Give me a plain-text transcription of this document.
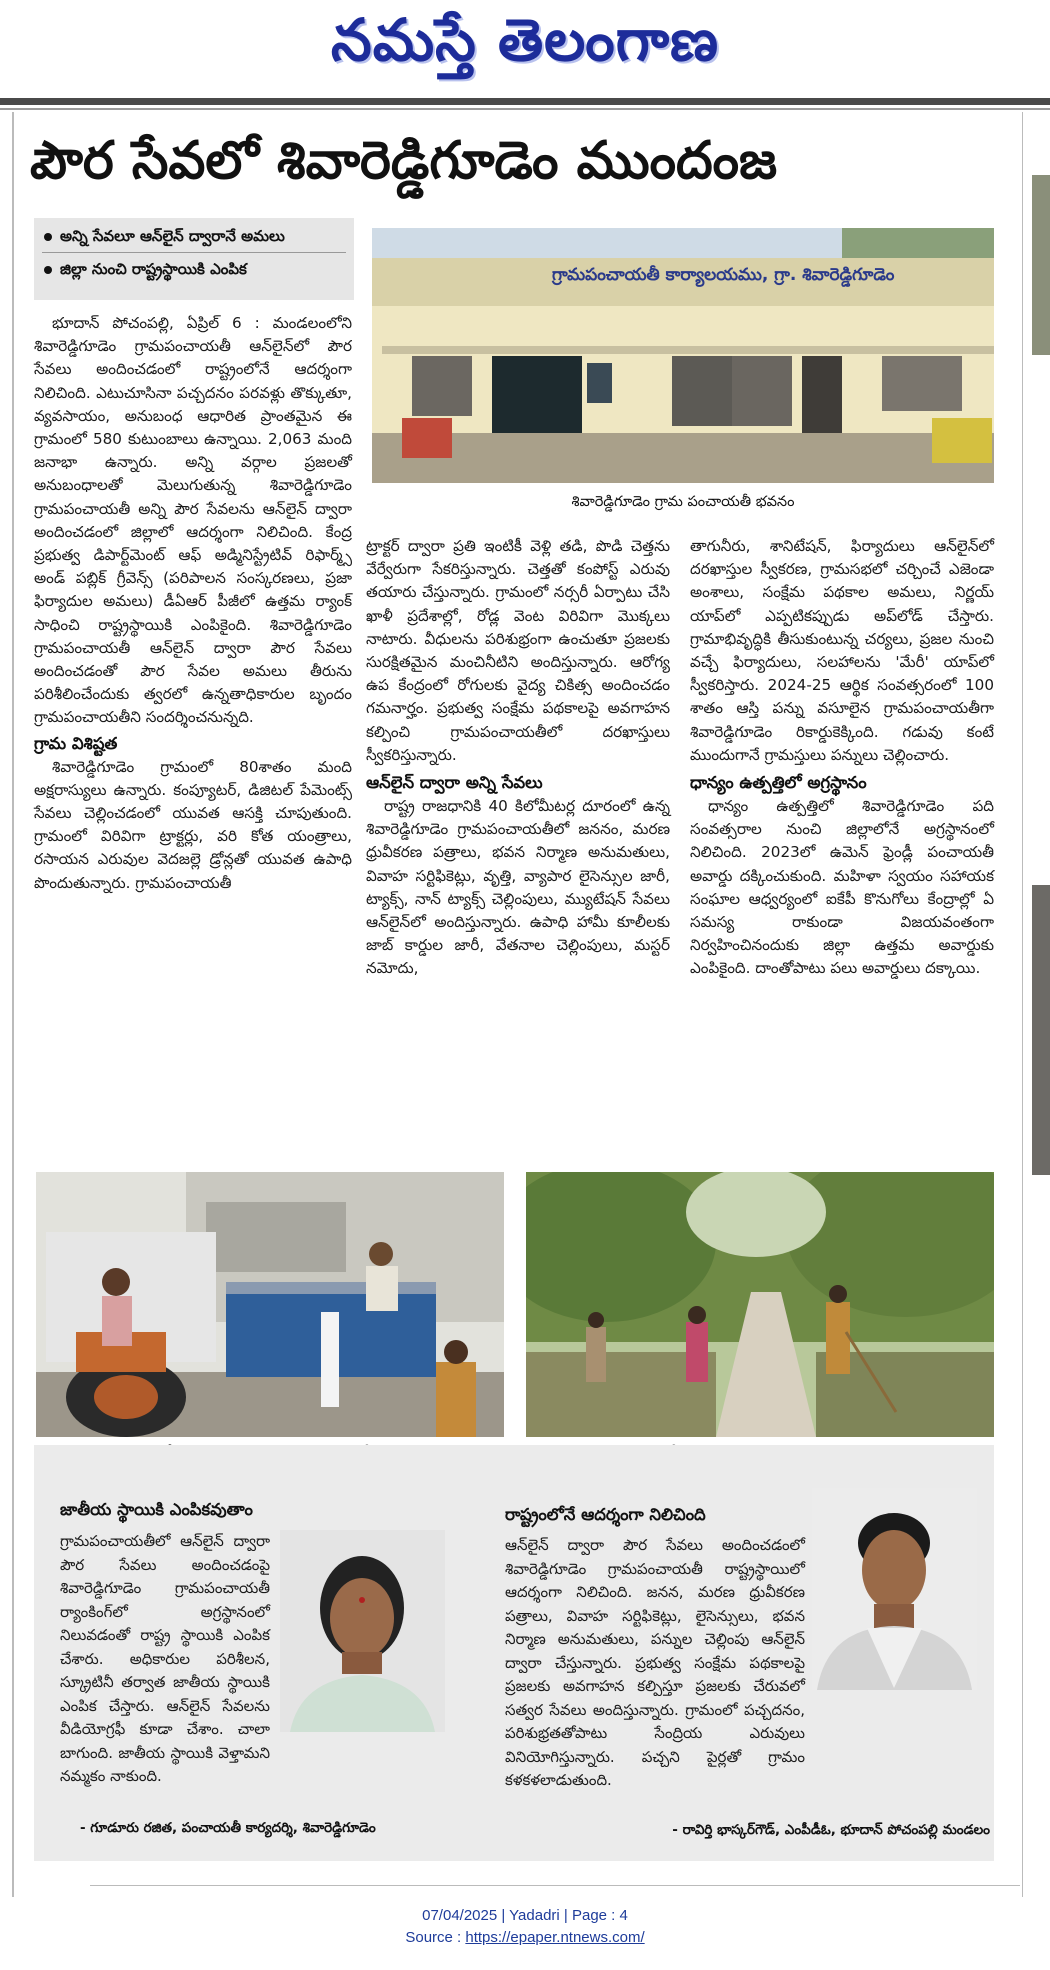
నమస్తే తెలంగాణ
పౌర సేవలో శివారెడ్డిగూడెం ముందంజ
అన్ని సేవలూ ఆన్‌లైన్ ద్వారానే అమలు
జిల్లా నుంచి రాష్ట్రస్థాయికి ఎంపిక	గ్రామపంచాయతీ కార్యాలయము, గ్రా. శివారెడ్డిగూడెం
శివారెడ్డిగూడెం గ్రామ పంచాయతీ భవనం
భూదాన్ పోచంపల్లి, ఏప్రిల్ 6 : మండలంలోని శివారెడ్డిగూడెం గ్రామపంచాయతీ ఆన్‌లైన్‌లో పౌర సేవలు అందించడంలో రాష్ట్రంలోనే ఆదర్శంగా నిలిచింది. ఎటుచూసినా పచ్చదనం పరవళ్లు తొక్కుతూ, వ్యవసాయం, అనుబంధ ఆధారిత ప్రాంతమైన ఈ గ్రామంలో 580 కుటుంబాలు ఉన్నాయి. 2,063 మంది జనాభా ఉన్నారు. అన్ని వర్గాల ప్రజలతో అనుబంధాలతో మెలుగుతున్న శివారెడ్డిగూడెం గ్రామపంచాయతీ అన్ని పౌర సేవలను ఆన్‌లైన్ ద్వారా అందించడంలో జిల్లాలో ఆదర్శంగా నిలిచింది. కేంద్ర ప్రభుత్వ డిపార్ట్‌మెంట్ ఆఫ్ అడ్మినిస్ట్రేటివ్ రిఫార్మ్స్ అండ్ పబ్లిక్ గ్రీవెన్స్ (పరిపాలన సంస్కరణలు, ప్రజా ఫిర్యాదుల అమలు) డీఏఆర్ పీజీలో ఉత్తమ ర్యాంక్ సాధించి రాష్ట్రస్థాయికి ఎంపికైంది. శివారెడ్డిగూడెం గ్రామపంచాయతీ ఆన్‌లైన్ ద్వారా పౌర సేవలు అందించడంతో పౌర సేవల అమలు తీరును పరిశీలించేందుకు త్వరలో ఉన్నతాధికారుల బృందం గ్రామపంచాయతీని సందర్శించనున్నది.
గ్రామ విశిష్టత
శివారెడ్డిగూడెం గ్రామంలో 80శాతం మంది అక్షరాస్యులు ఉన్నారు. కంప్యూటర్, డిజిటల్ పేమెంట్స్ సేవలు చెల్లించడంలో యువత ఆసక్తి చూపుతుంది. గ్రామంలో విరివిగా ట్రాక్టర్లు, వరి కోత యంత్రాలు, రసాయన ఎరువుల వెదజల్లె డ్రోన్లతో యువత ఉపాధి పొందుతున్నారు. గ్రామపంచాయతీ
ట్రాక్టర్ ద్వారా ప్రతి ఇంటికీ వెళ్లి తడి, పొడి చెత్తను వేర్వేరుగా సేకరిస్తున్నారు. చెత్తతో కంపోస్ట్ ఎరువు తయారు చేస్తున్నారు. గ్రామంలో నర్సరీ ఏర్పాటు చేసి ఖాళీ ప్రదేశాల్లో, రోడ్ల వెంట విరివిగా మొక్కలు నాటారు. వీధులను పరిశుభ్రంగా ఉంచుతూ ప్రజలకు సురక్షితమైన మంచినీటిని అందిస్తున్నారు. ఆరోగ్య ఉప కేంద్రంలో రోగులకు వైద్య చికిత్స అందించడం గమనార్హం. ప్రభుత్వ సంక్షేమ పథకాలపై అవగాహన కల్పించి గ్రామపంచాయతీలో దరఖాస్తులు స్వీకరిస్తున్నారు.
ఆన్‌లైన్ ద్వారా అన్ని సేవలు
రాష్ట్ర రాజధానికి 40 కిలోమీటర్ల దూరంలో ఉన్న శివారెడ్డిగూడెం గ్రామపంచాయతీలో జననం, మరణ ధ్రువీకరణ పత్రాలు, భవన నిర్మాణ అనుమతులు, వివాహ సర్టిఫికెట్లు, వృత్తి, వ్యాపార లైసెన్సుల జారీ, ట్యాక్స్, నాన్ ట్యాక్స్ చెల్లింపులు, మ్యుటేషన్ సేవలు ఆన్‌లైన్‌లో అందిస్తున్నారు. ఉపాధి హామీ కూలీలకు జాబ్ కార్డుల జారీ, వేతనాల చెల్లింపులు, మస్టర్ నమోదు,
తాగునీరు, శానిటేషన్, ఫిర్యాదులు ఆన్‌లైన్‌లో దరఖాస్తుల స్వీకరణ, గ్రామసభలో చర్చించే ఎజెండా అంశాలు, సంక్షేమ పథకాల అమలు, నిర్ణయ్ యాప్‌లో ఎప్పటికప్పుడు అప్‌లోడ్ చేస్తారు. గ్రామాభివృద్ధికి తీసుకుంటున్న చర్యలు, ప్రజల నుంచి వచ్చే ఫిర్యాదులు, సలహాలను 'మేరీ' యాప్‌లో స్వీకరిస్తారు. 2024-25 ఆర్థిక సంవత్సరంలో 100 శాతం ఆస్తి పన్ను వసూలైన గ్రామపంచాయతీగా శివారెడ్డిగూడెం రికార్డుకెక్కింది. గడువు కంటే ముందుగానే గ్రామస్తులు పన్నులు చెల్లించారు.
ధాన్యం ఉత్పత్తిలో అగ్రస్థానం
ధాన్యం ఉత్పత్తిలో శివారెడ్డిగూడెం పది సంవత్సరాల నుంచి జిల్లాలోనే అగ్రస్థానంలో నిలిచింది. 2023లో ఉమెన్ ఫ్రెండ్లీ పంచాయతీ అవార్డు దక్కించుకుంది. మహిళా స్వయం సహాయక సంఘాల ఆధ్వర్యంలో ఐకేపీ కొనుగోలు కేంద్రాల్లో ఏ సమస్య రాకుండా విజయవంతంగా నిర్వహించినందుకు జిల్లా ఉత్తమ అవార్డుకు ఎంపికైంది. దాంతోపాటు పలు అవార్డులు దక్కాయి.
జాతీయ స్థాయికి ఎంపికవుతాం
గ్రామపంచాయతీలో ఆన్‌లైన్ ద్వారా పౌర సేవలు అందించడంపై శివారెడ్డిగూడెం గ్రామపంచాయతీ ర్యాంకింగ్‌లో అగ్రస్థానంలో నిలువడంతో రాష్ట్ర స్థాయికి ఎంపిక చేశారు. అధికారుల పరిశీలన, స్క్రూటినీ తర్వాత జాతీయ స్థాయికి ఎంపిక చేస్తారు. ఆన్‌లైన్ సేవలను వీడియోగ్రఫీ కూడా చేశాం. చాలా బాగుంది. జాతీయ స్థాయికి వెళ్తామని నమ్మకం నాకుంది.
- గూడూరు రజిత, పంచాయతీ కార్యదర్శి, శివారెడ్డిగూడెం
రాష్ట్రంలోనే ఆదర్శంగా నిలిచింది
ఆన్‌లైన్ ద్వారా పౌర సేవలు అందించడంలో శివారెడ్డిగూడెం గ్రామపంచాయతీ రాష్ట్రస్థాయిలో ఆదర్శంగా నిలిచింది. జనన, మరణ ధ్రువీకరణ పత్రాలు, వివాహ సర్టిఫికెట్లు, లైసెన్సులు, భవన నిర్మాణ అనుమతులు, పన్నుల చెల్లింపు ఆన్‌లైన్ ద్వారా చేస్తున్నారు. ప్రభుత్వ సంక్షేమ పథకాలపై ప్రజలకు అవగాహన కల్పిస్తూ ప్రజలకు చేరువలో సత్వర సేవలు అందిస్తున్నారు. గ్రామంలో పచ్చదనం, పరిశుభ్రతతోపాటు సేంద్రియ ఎరువులు వినియోగిస్తున్నారు. పచ్చని పైర్లతో గ్రామం కళకళలాడుతుంది.
- రావిర్తి భాస్కర్‌గౌడ్, ఎంపీడీఓ, భూదాన్ పోచంపల్లి మండలం
07/04/2025 | Yadadri | Page : 4
Source : https://epaper.ntnews.com/
